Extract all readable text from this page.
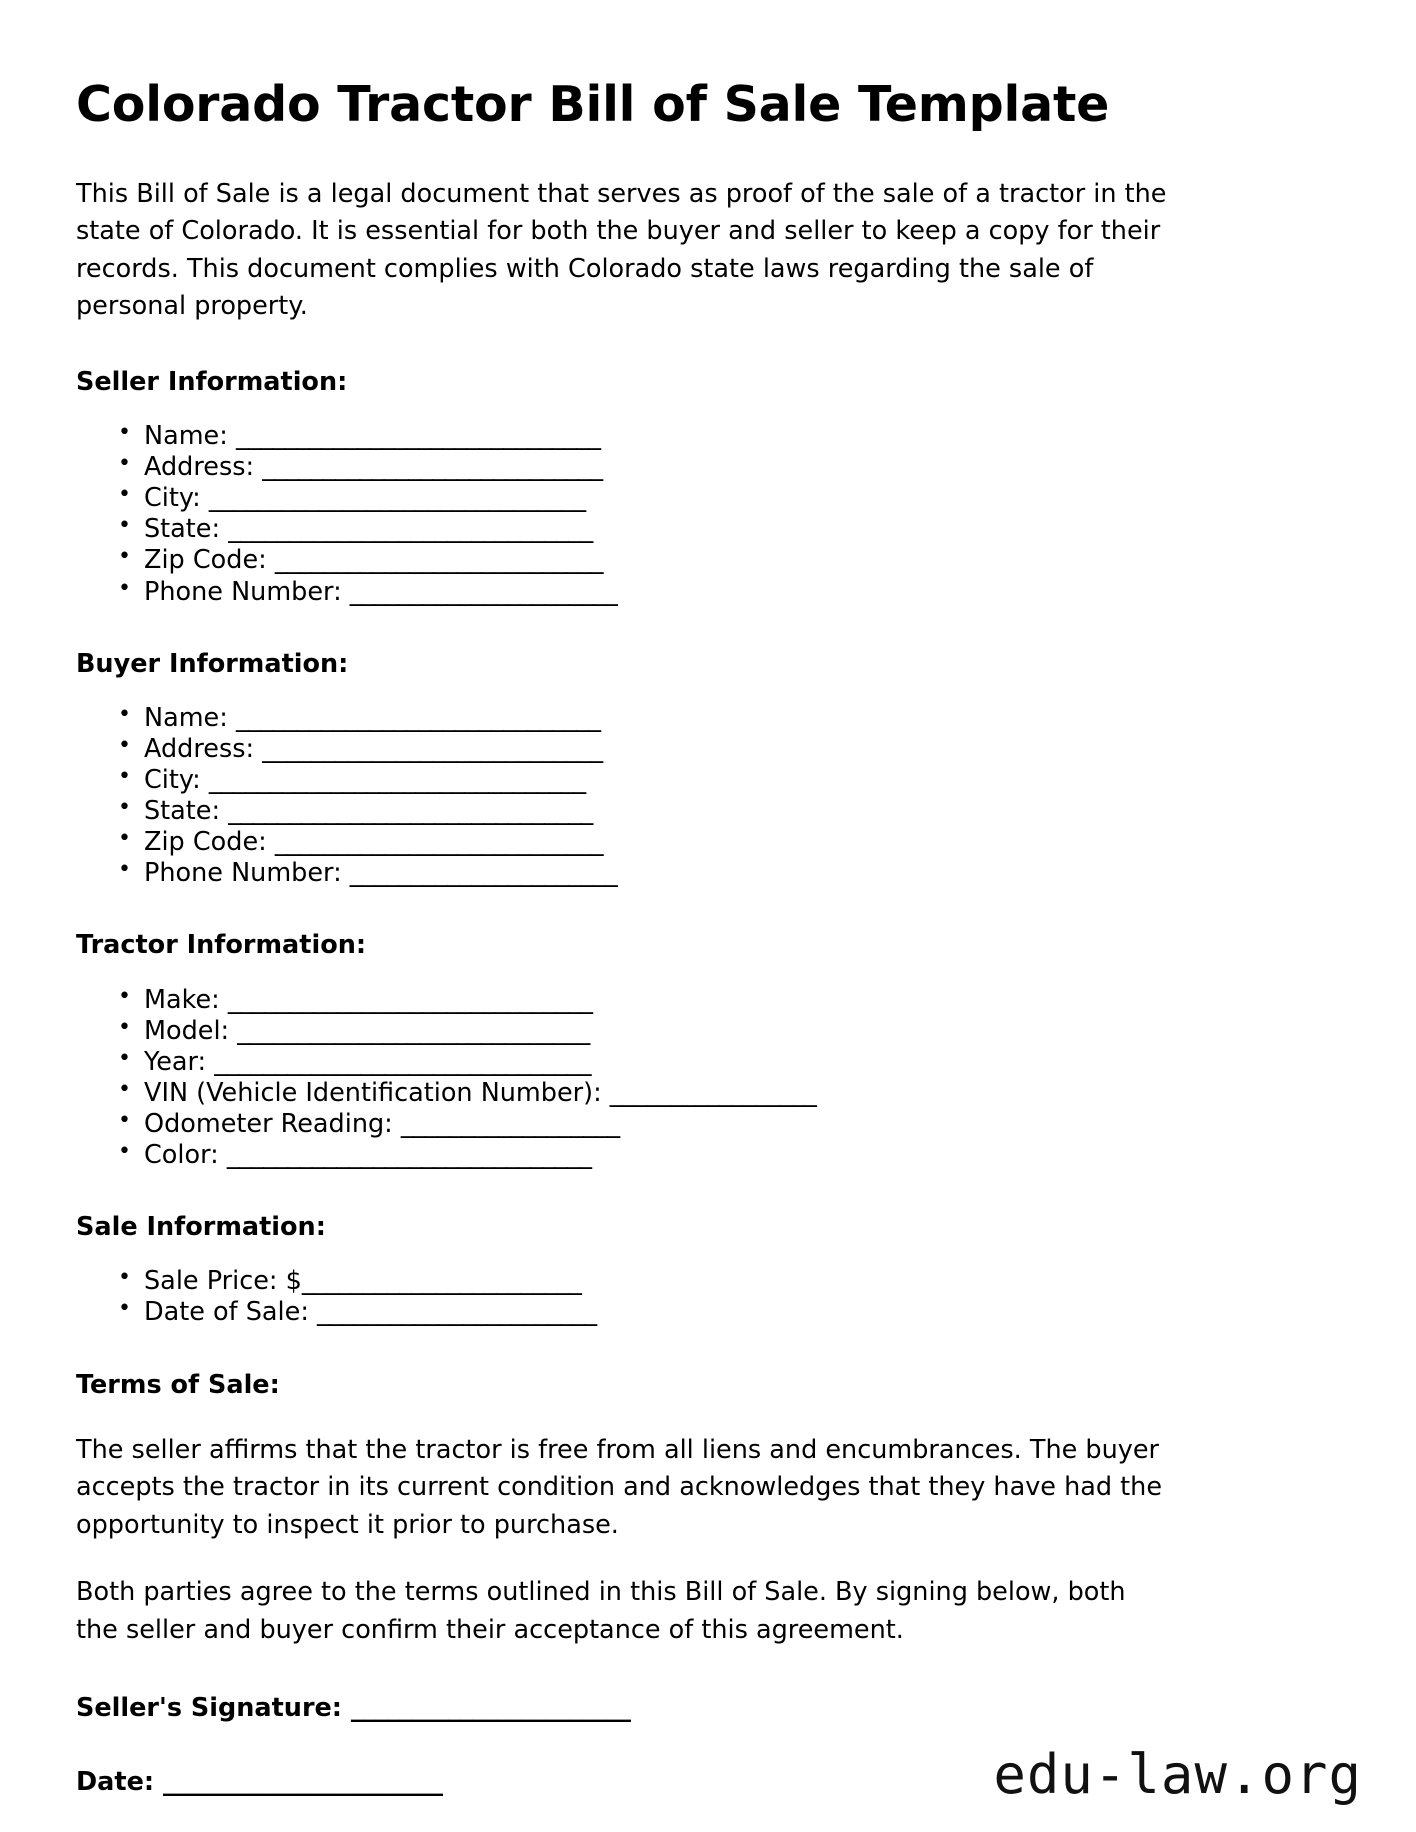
Colorado Tractor Bill of Sale Template

This Bill of Sale is a legal document that serves as proof of the sale of a tractor in the state of Colorado. It is essential for both the buyer and seller to keep a copy for their records. This document complies with Colorado state laws regarding the sale of personal property.

Seller Information:
• Name: ______________________________
• Address: ____________________________
• City: _______________________________
• State: ______________________________
• Zip Code: ___________________________
• Phone Number: ______________________
Buyer Information:
• Name: ______________________________
• Address: ____________________________
• City: _______________________________
• State: ______________________________
• Zip Code: ___________________________
• Phone Number: ______________________
Tractor Information:
• Make: ______________________________
• Model: _____________________________
• Year: _______________________________
• VIN (Vehicle Identification Number): _________________
• Odometer Reading: __________________
• Color: ______________________________
Sale Information:
• Sale Price: $_______________________
• Date of Sale: _______________________
Terms of Sale:

The seller affirms that the tractor is free from all liens and encumbrances. The buyer accepts the tractor in its current condition and acknowledges that they have had the opportunity to inspect it prior to purchase.

Both parties agree to the terms outlined in this Bill of Sale. By signing below, both the seller and buyer confirm their acceptance of this agreement.

Seller's Signature: _______________________
Date: _______________________	edu-law.org
